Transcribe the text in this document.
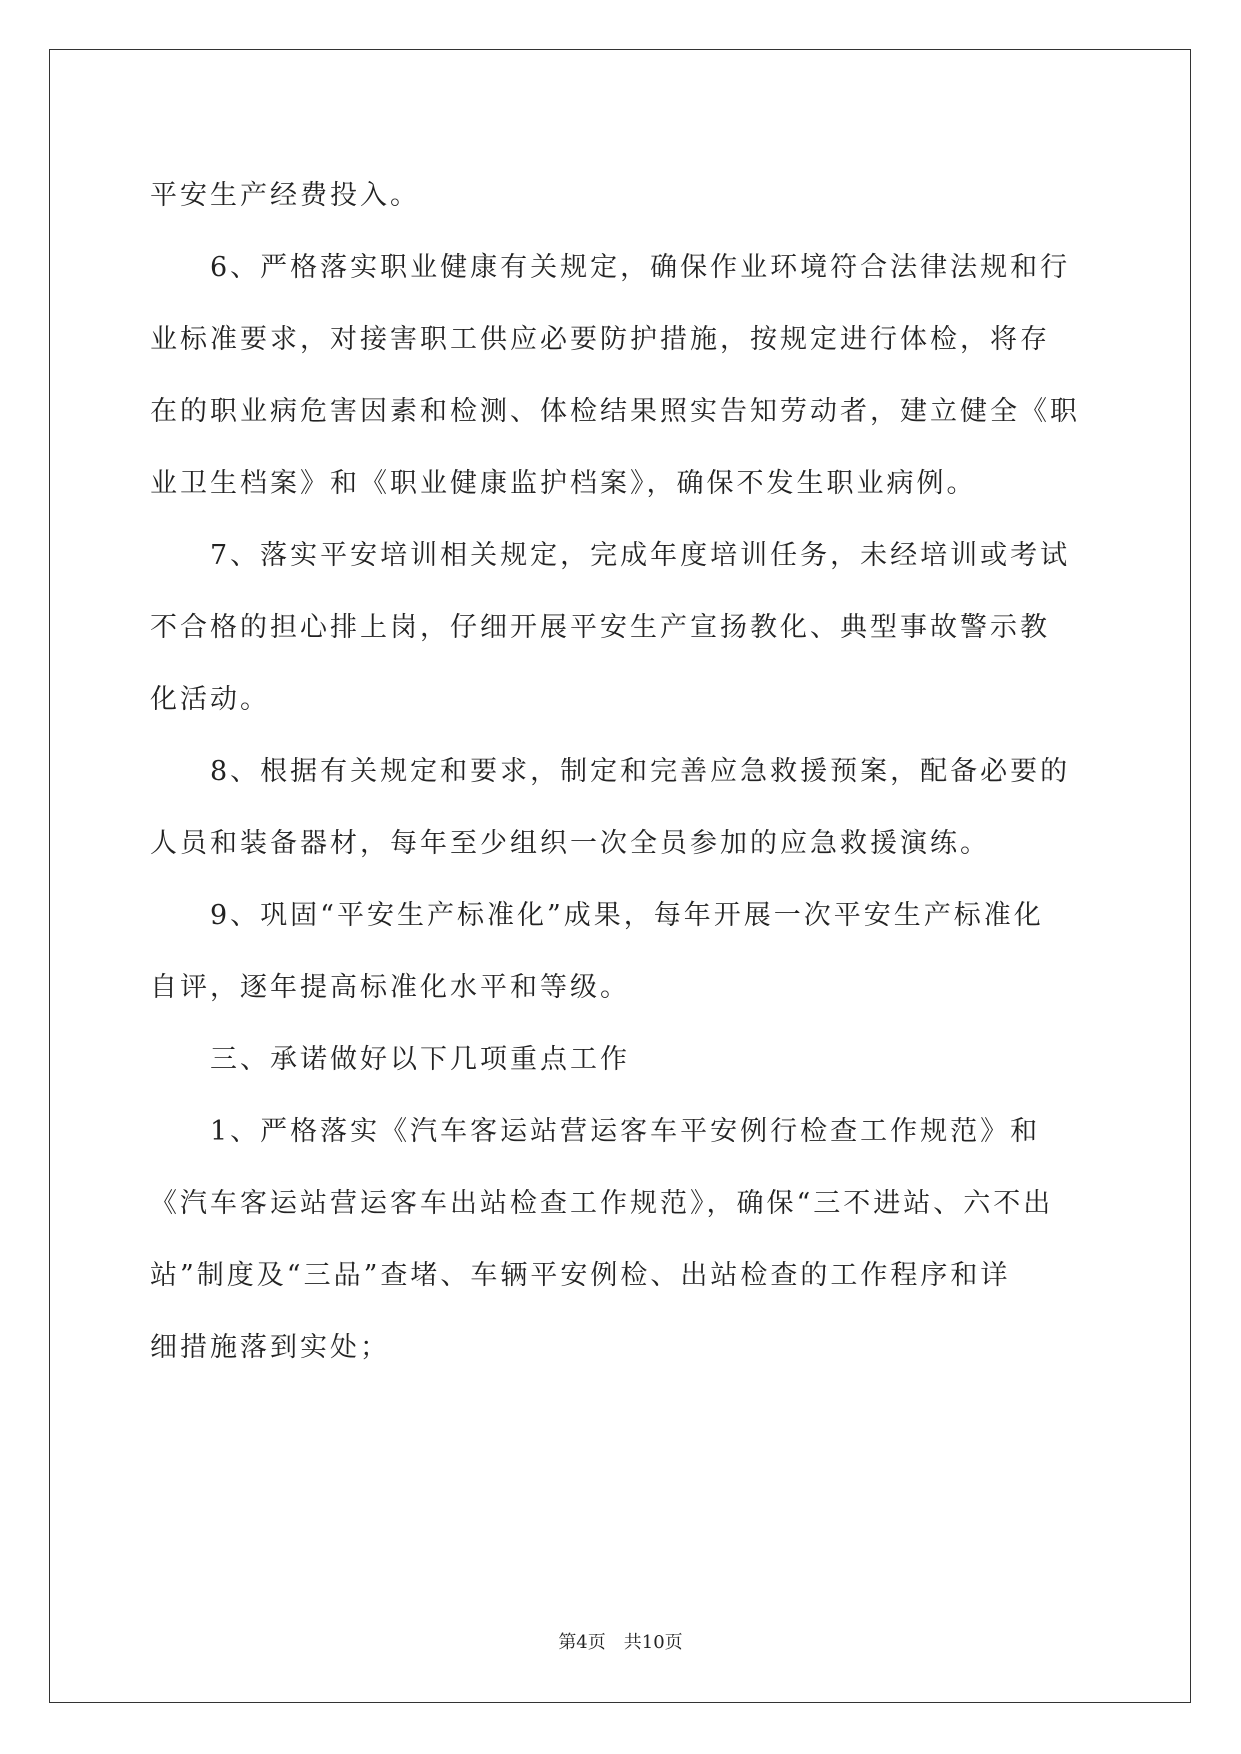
平安生产经费投入。
6、严格落实职业健康有关规定，确保作业环境符合法律法规和行
业标准要求，对接害职工供应必要防护措施，按规定进行体检，将存
在的职业病危害因素和检测、体检结果照实告知劳动者，建立健全《职
业卫生档案》和《职业健康监护档案》，确保不发生职业病例。
7、落实平安培训相关规定，完成年度培训任务，未经培训或考试
不合格的担心排上岗，仔细开展平安生产宣扬教化、典型事故警示教
化活动。
8、根据有关规定和要求，制定和完善应急救援预案，配备必要的
人员和装备器材，每年至少组织一次全员参加的应急救援演练。
9、巩固“平安生产标准化”成果，每年开展一次平安生产标准化
自评，逐年提高标准化水平和等级。
三、承诺做好以下几项重点工作
1、严格落实《汽车客运站营运客车平安例行检查工作规范》和
《汽车客运站营运客车出站检查工作规范》，确保“三不进站、六不出
站”制度及“三品”查堵、车辆平安例检、出站检查的工作程序和详
细措施落到实处；
第4页　共10页
